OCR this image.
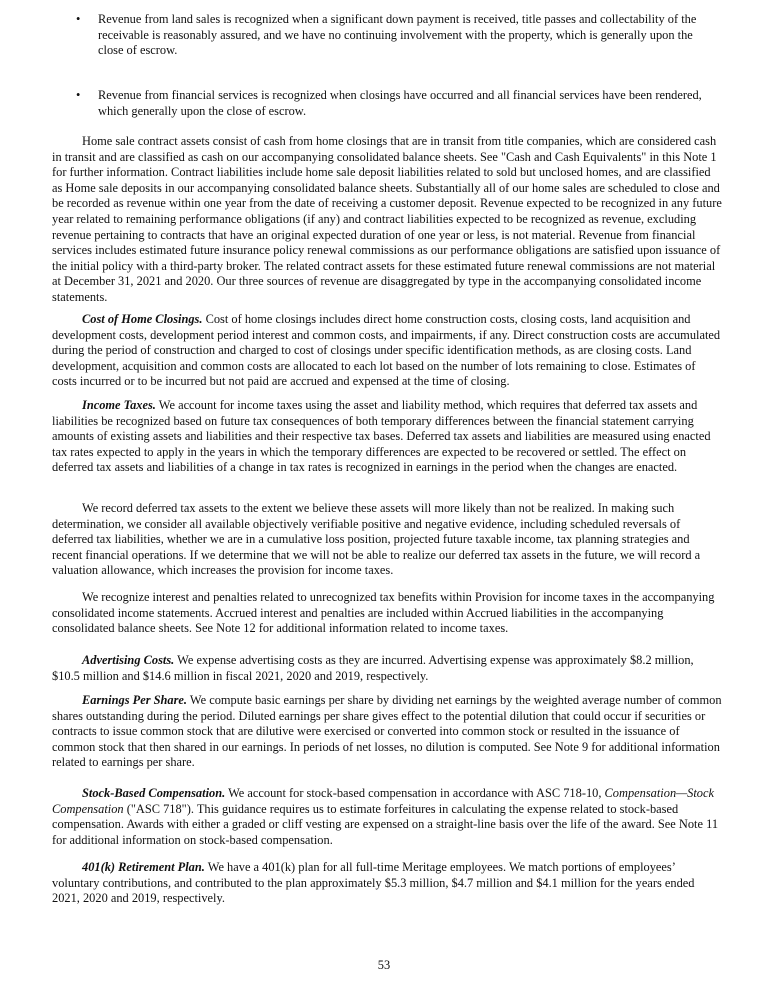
• Revenue from land sales is recognized when a significant down payment is received, title passes and collectability of the receivable is reasonably assured, and we have no continuing involvement with the property, which is generally upon the close of escrow.

• Revenue from financial services is recognized when closings have occurred and all financial services have been rendered, which generally upon the close of escrow.

Home sale contract assets consist of cash from home closings that are in transit from title companies, which are considered cash in transit and are classified as cash on our accompanying consolidated balance sheets. See "Cash and Cash Equivalents" in this Note 1 for further information. Contract liabilities include home sale deposit liabilities related to sold but unclosed homes, and are classified as Home sale deposits in our accompanying consolidated balance sheets. Substantially all of our home sales are scheduled to close and be recorded as revenue within one year from the date of receiving a customer deposit. Revenue expected to be recognized in any future year related to remaining performance obligations (if any) and contract liabilities expected to be recognized as revenue, excluding revenue pertaining to contracts that have an original expected duration of one year or less, is not material. Revenue from financial services includes estimated future insurance policy renewal commissions as our performance obligations are satisfied upon issuance of the initial policy with a third-party broker. The related contract assets for these estimated future renewal commissions are not material at December 31, 2021 and 2020. Our three sources of revenue are disaggregated by type in the accompanying consolidated income statements.

Cost of Home Closings. Cost of home closings includes direct home construction costs, closing costs, land acquisition and development costs, development period interest and common costs, and impairments, if any. Direct construction costs are accumulated during the period of construction and charged to cost of closings under specific identification methods, as are closing costs. Land development, acquisition and common costs are allocated to each lot based on the number of lots remaining to close. Estimates of costs incurred or to be incurred but not paid are accrued and expensed at the time of closing.

Income Taxes. We account for income taxes using the asset and liability method, which requires that deferred tax assets and liabilities be recognized based on future tax consequences of both temporary differences between the financial statement carrying amounts of existing assets and liabilities and their respective tax bases. Deferred tax assets and liabilities are measured using enacted tax rates expected to apply in the years in which the temporary differences are expected to be recovered or settled. The effect on deferred tax assets and liabilities of a change in tax rates is recognized in earnings in the period when the changes are enacted.

We record deferred tax assets to the extent we believe these assets will more likely than not be realized. In making such determination, we consider all available objectively verifiable positive and negative evidence, including scheduled reversals of deferred tax liabilities, whether we are in a cumulative loss position, projected future taxable income, tax planning strategies and recent financial operations. If we determine that we will not be able to realize our deferred tax assets in the future, we will record a valuation allowance, which increases the provision for income taxes.

We recognize interest and penalties related to unrecognized tax benefits within Provision for income taxes in the accompanying consolidated income statements. Accrued interest and penalties are included within Accrued liabilities in the accompanying consolidated balance sheets. See Note 12 for additional information related to income taxes.

Advertising Costs. We expense advertising costs as they are incurred. Advertising expense was approximately $8.2 million, $10.5 million and $14.6 million in fiscal 2021, 2020 and 2019, respectively.

Earnings Per Share. We compute basic earnings per share by dividing net earnings by the weighted average number of common shares outstanding during the period. Diluted earnings per share gives effect to the potential dilution that could occur if securities or contracts to issue common stock that are dilutive were exercised or converted into common stock or resulted in the issuance of common stock that then shared in our earnings. In periods of net losses, no dilution is computed. See Note 9 for additional information related to earnings per share.

Stock-Based Compensation. We account for stock-based compensation in accordance with ASC 718-10, Compensation—Stock Compensation ("ASC 718"). This guidance requires us to estimate forfeitures in calculating the expense related to stock-based compensation. Awards with either a graded or cliff vesting are expensed on a straight-line basis over the life of the award. See Note 11 for additional information on stock-based compensation.

401(k) Retirement Plan. We have a 401(k) plan for all full-time Meritage employees. We match portions of employees’ voluntary contributions, and contributed to the plan approximately $5.3 million, $4.7 million and $4.1 million for the years ended 2021, 2020 and 2019, respectively.

53
